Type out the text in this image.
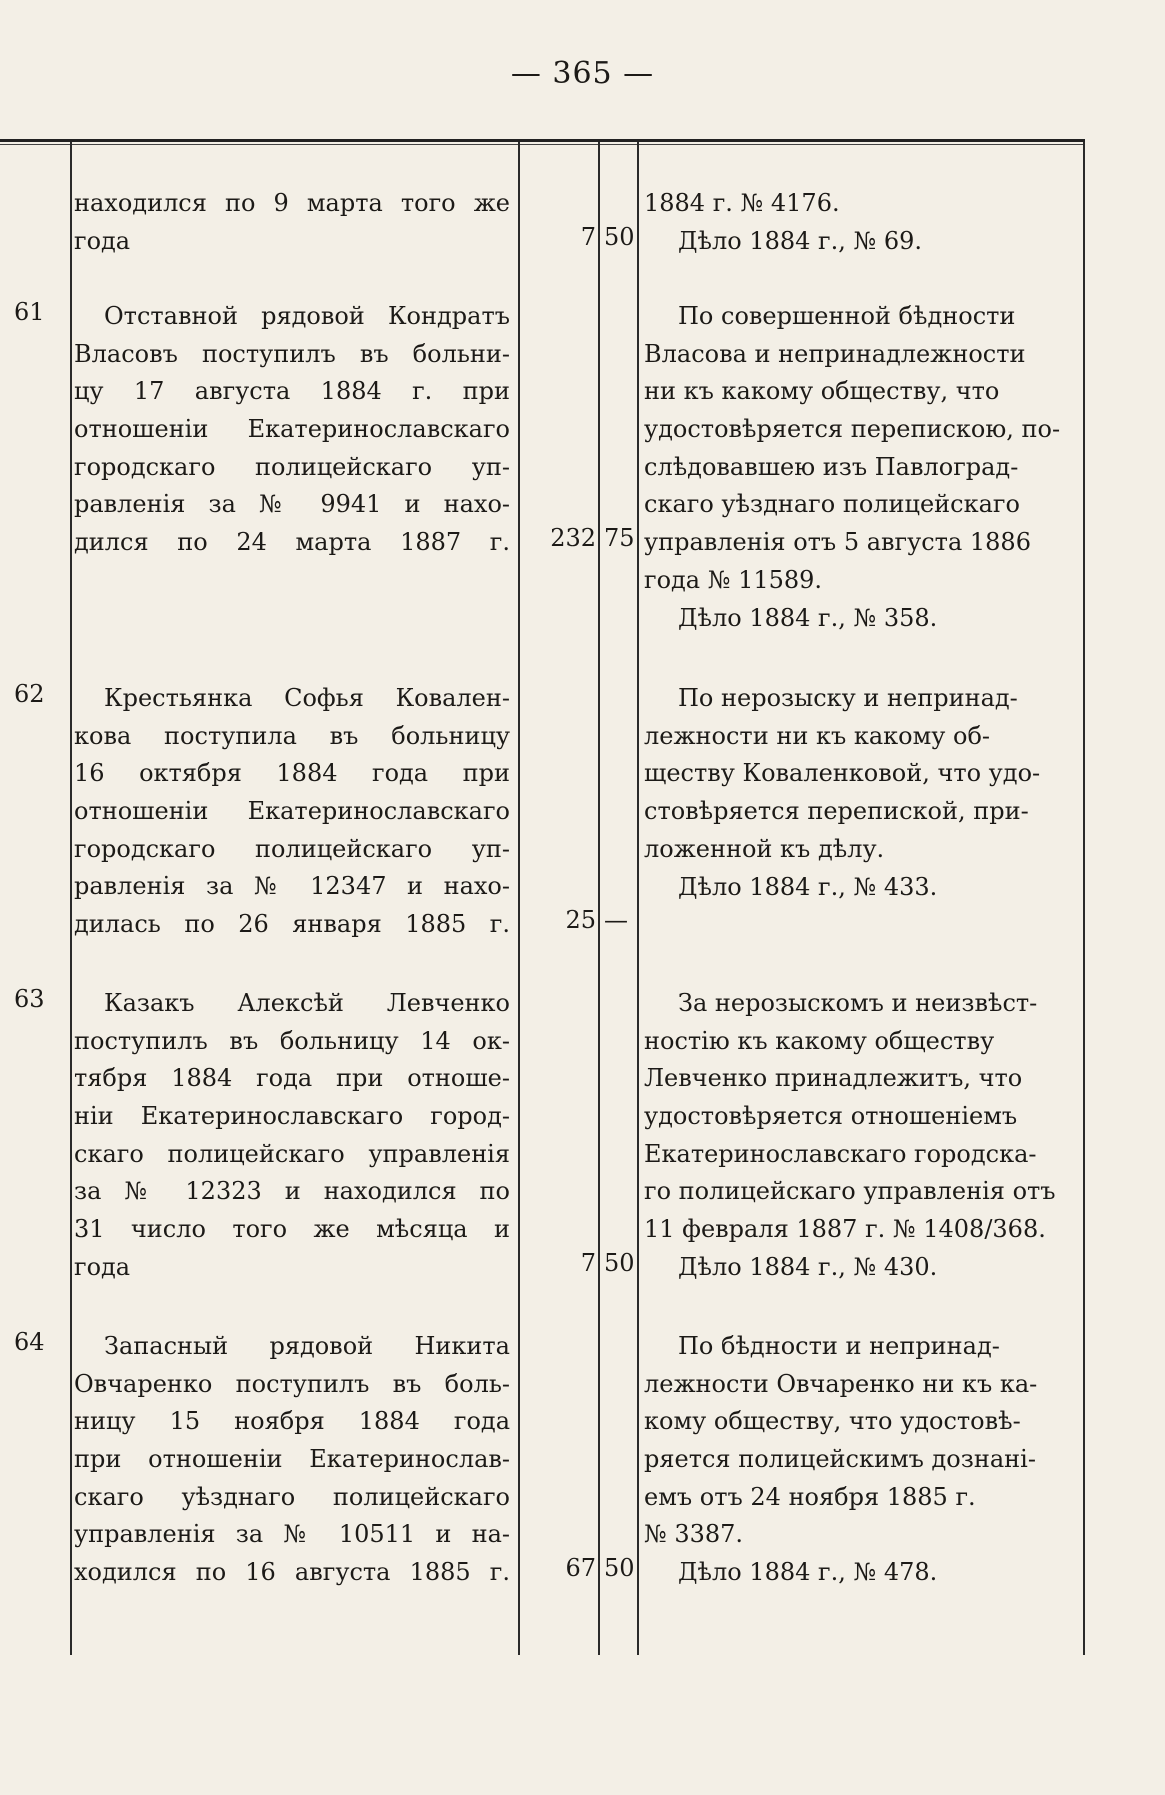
— 365 —
находился по 9 марта того же
года	7 50
1884 г. № 4176.
Дѣло 1884 г., № 69.
61	Отставной рядовой Кондратъ
Власовъ поступилъ въ больни-
цу 17 августа 1884 г. при
отношеніи Екатеринославскаго
городскаго полицейскаго уп-
равленія за № 9941 и нахо-
дился по 24 марта 1887 г.	232 75
По совершенной бѣдности
Власова и непринадлежности
ни къ какому обществу, что
удостовѣряется перепискою, по-
слѣдовавшею изъ Павлоград-
скаго уѣзднаго полицейскаго
управленія отъ 5 августа 1886
года № 11589.
Дѣло 1884 г., № 358.
62	Крестьянка Софья Ковален-
кова поступила въ больницу
16 октября 1884 года при
отношеніи Екатеринославскаго
городскаго полицейскаго уп-
равленія за № 12347 и нахо-
дилась по 26 января 1885 г.	25 —
По нерозыску и непринад-
лежности ни къ какому об-
ществу Коваленковой, что удо-
стовѣряется перепиской, при-
ложенной къ дѣлу.
Дѣло 1884 г., № 433.
63	Казакъ Алексѣй Левченко
поступилъ въ больницу 14 ок-
тября 1884 года при отноше-
ніи Екатеринославскаго город-
скаго полицейскаго управленія
за № 12323 и находился по
31 число того же мѣсяца и
года	7 50
За нерозыскомъ и неизвѣст-
ностію къ какому обществу
Левченко принадлежитъ, что
удостовѣряется отношеніемъ
Екатеринославскаго городска-
го полицейскаго управленія отъ
11 февраля 1887 г. № 1408/368.
Дѣло 1884 г., № 430.
64	Запасный рядовой Никита
Овчаренко поступилъ въ боль-
ницу 15 ноября 1884 года
при отношеніи Екатеринослав-
скаго уѣзднаго полицейскаго
управленія за № 10511 и на-
ходился по 16 августа 1885 г.	67 50
По бѣдности и непринад-
лежности Овчаренко ни къ ка-
кому обществу, что удостовѣ-
ряется полицейскимъ дознані-
емъ отъ 24 ноября 1885 г.
№ 3387.
Дѣло 1884 г., № 478.
